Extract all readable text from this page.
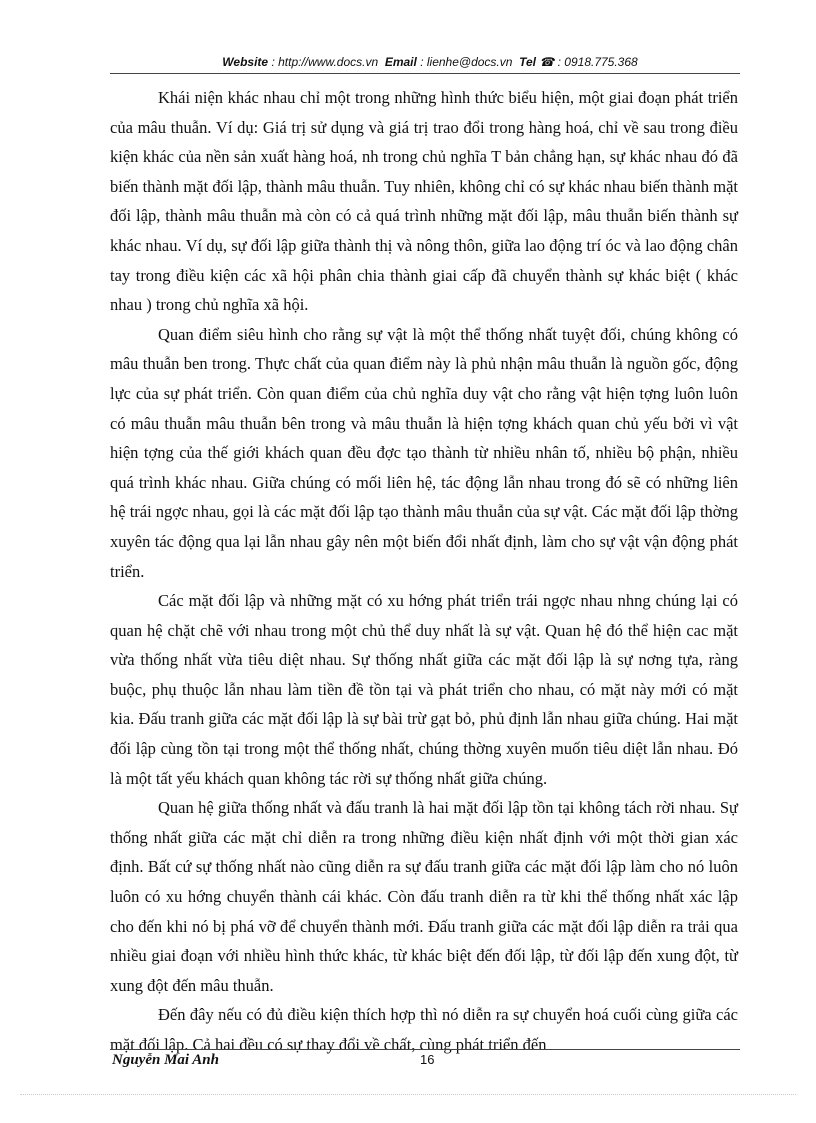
Website : http://www.docs.vn Email : lienhe@docs.vn Tel ☎ : 0918.775.368

Khái niện khác nhau chỉ một trong những hình thức biểu hiện, một giai đoạn phát triển của mâu thuẫn. Ví dụ: Giá trị sử dụng và giá trị trao đổi trong hàng hoá, chỉ về sau trong điều kiện khác của nền sản xuất hàng hoá, nh trong chủ nghĩa T bản chẳng hạn, sự khác nhau đó đã biến thành mặt đối lập, thành mâu thuẫn. Tuy nhiên, không chỉ có sự khác nhau biến thành mặt đối lập, thành mâu thuẫn mà còn có cả quá trình những mặt đối lập, mâu thuẫn biến thành sự khác nhau. Ví dụ, sự đối lập giữa thành thị và nông thôn, giữa lao động trí óc và lao động chân tay trong điều kiện các xã hội phân chia thành giai cấp đã chuyển thành sự khác biệt ( khác nhau ) trong chủ nghĩa xã hội.

Quan điểm siêu hình cho rằng sự vật là một thể thống nhất tuyệt đối, chúng không có mâu thuẫn ben trong. Thực chất của quan điểm này là phủ nhận mâu thuẫn là nguồn gốc, động lực của sự phát triển. Còn quan điểm của chủ nghĩa duy vật cho rằng vật hiện tợng luôn luôn có mâu thuẫn mâu thuẫn bên trong và mâu thuẫn là hiện tợng khách quan chủ yếu bởi vì vật hiện tợng của thế giới khách quan đều đợc tạo thành từ nhiều nhân tố, nhiều bộ phận, nhiều quá trình khác nhau. Giữa chúng có mối liên hệ, tác động lẫn nhau trong đó sẽ có những liên hệ trái ngợc nhau, gọi là các mặt đối lập tạo thành mâu thuẫn của sự vật. Các mặt đối lập thờng xuyên tác động qua lại lẫn nhau gây nên một biến đổi nhất định, làm cho sự vật vận động phát triển.

Các mặt đối lập và những mặt có xu hớng phát triển trái ngợc nhau nhng chúng lại có quan hệ chặt chẽ với nhau trong một chủ thể duy nhất là sự vật. Quan hệ đó thể hiện cac mặt vừa thống nhất vừa tiêu diệt nhau. Sự thống nhất giữa các mặt đối lập là sự nơng tựa, ràng buộc, phụ thuộc lẫn nhau làm tiền đề tồn tại và phát triển cho nhau, có mặt này mới có mặt kia. Đấu tranh giữa các mặt đối lập là sự bài trừ gạt bỏ, phủ định lẫn nhau giữa chúng. Hai mặt đối lập cùng tồn tại trong một thể thống nhất, chúng thờng xuyên muốn tiêu diệt lẫn nhau. Đó là một tất yếu khách quan không tác rời sự thống nhất giữa chúng.

Quan hệ giữa thống nhất và đấu tranh là hai mặt đối lập tồn tại không tách rời nhau. Sự thống nhất giữa các mặt chỉ diễn ra trong những điều kiện nhất định với một thời gian xác định. Bất cứ sự thống nhất nào cũng diễn ra sự đấu tranh giữa các mặt đối lập làm cho nó luôn luôn có xu hớng chuyển thành cái khác. Còn đấu tranh diễn ra từ khi thể thống nhất xác lập cho đến khi nó bị phá vỡ để chuyển thành mới. Đấu tranh giữa các mặt đối lập diễn ra trải qua nhiều giai đoạn với nhiều hình thức khác, từ khác biệt đến đối lập, từ đối lập đến xung đột, từ xung đột đến mâu thuẫn.

Đến đây nếu có đủ điều kiện thích hợp thì nó diễn ra sự chuyển hoá cuối cùng giữa các mặt đối lập. Cả hai đều có sự thay đổi về chất, cùng phát triển đến

Nguyễn Mai Anh	16
